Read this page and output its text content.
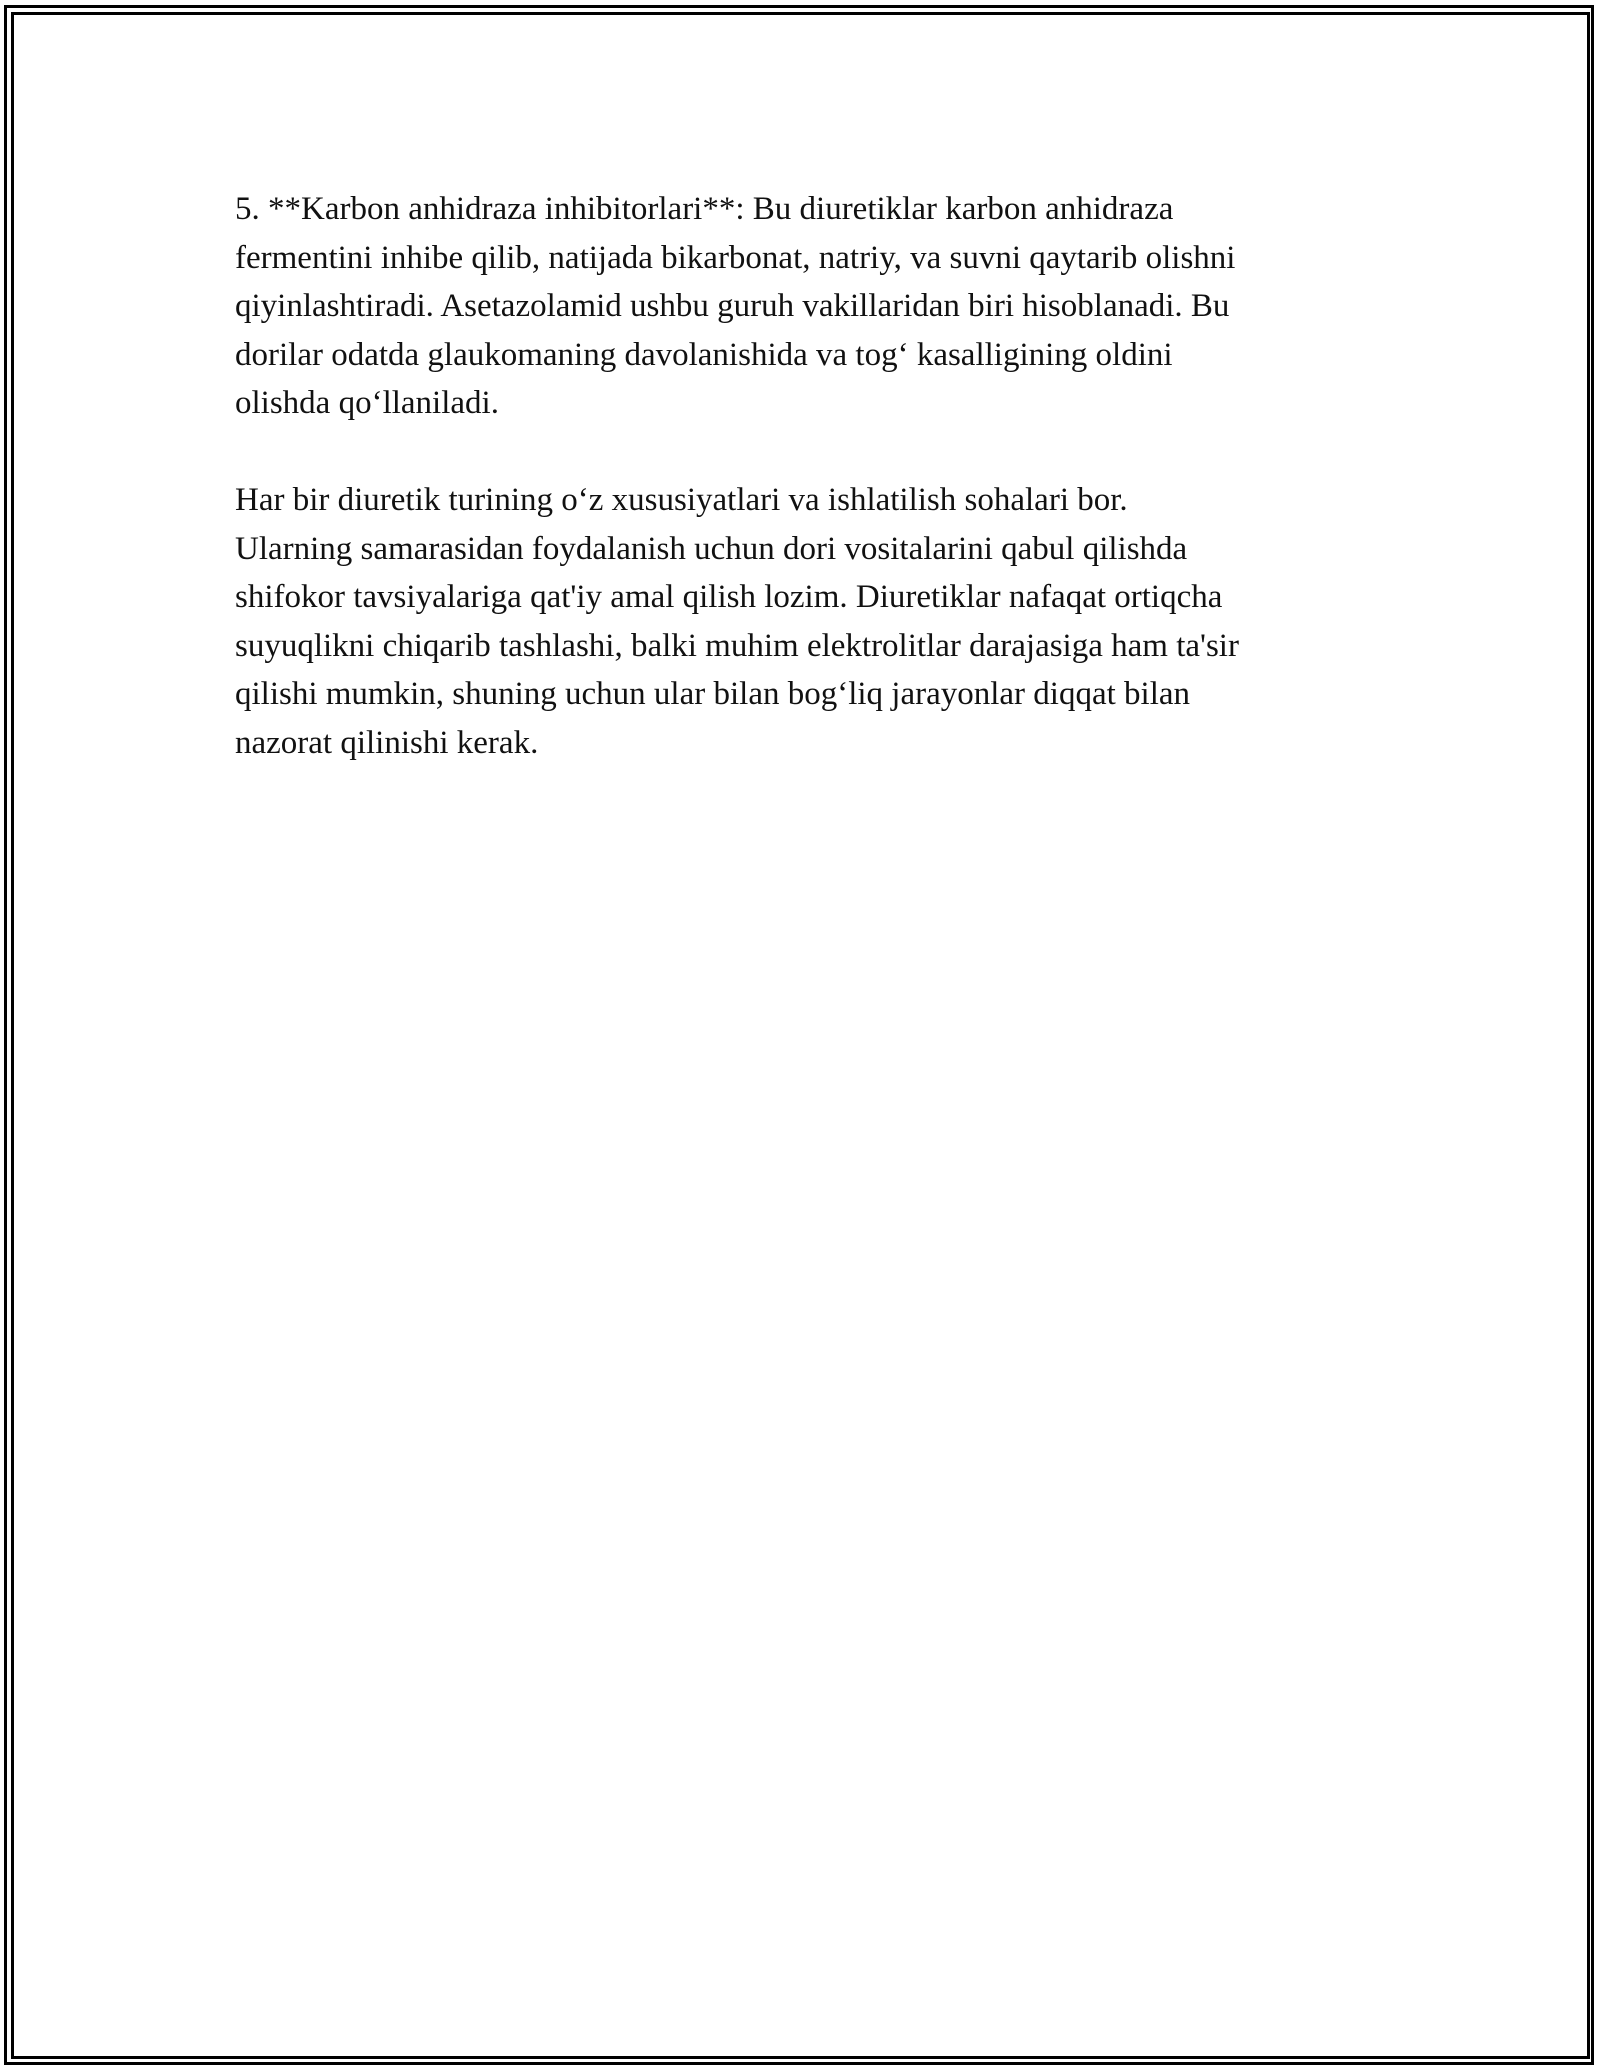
5. **Karbon anhidraza inhibitorlari**: Bu diuretiklar karbon anhidraza
fermentini inhibe qilib, natijada bikarbonat, natriy, va suvni qaytarib olishni
qiyinlashtiradi. Asetazolamid ushbu guruh vakillaridan biri hisoblanadi. Bu
dorilar odatda glaukomaning davolanishida va tog‘ kasalligining oldini
olishda qo‘llaniladi.

Har bir diuretik turining o‘z xususiyatlari va ishlatilish sohalari bor.
Ularning samarasidan foydalanish uchun dori vositalarini qabul qilishda
shifokor tavsiyalariga qat'iy amal qilish lozim. Diuretiklar nafaqat ortiqcha
suyuqlikni chiqarib tashlashi, balki muhim elektrolitlar darajasiga ham ta'sir
qilishi mumkin, shuning uchun ular bilan bog‘liq jarayonlar diqqat bilan
nazorat qilinishi kerak.
